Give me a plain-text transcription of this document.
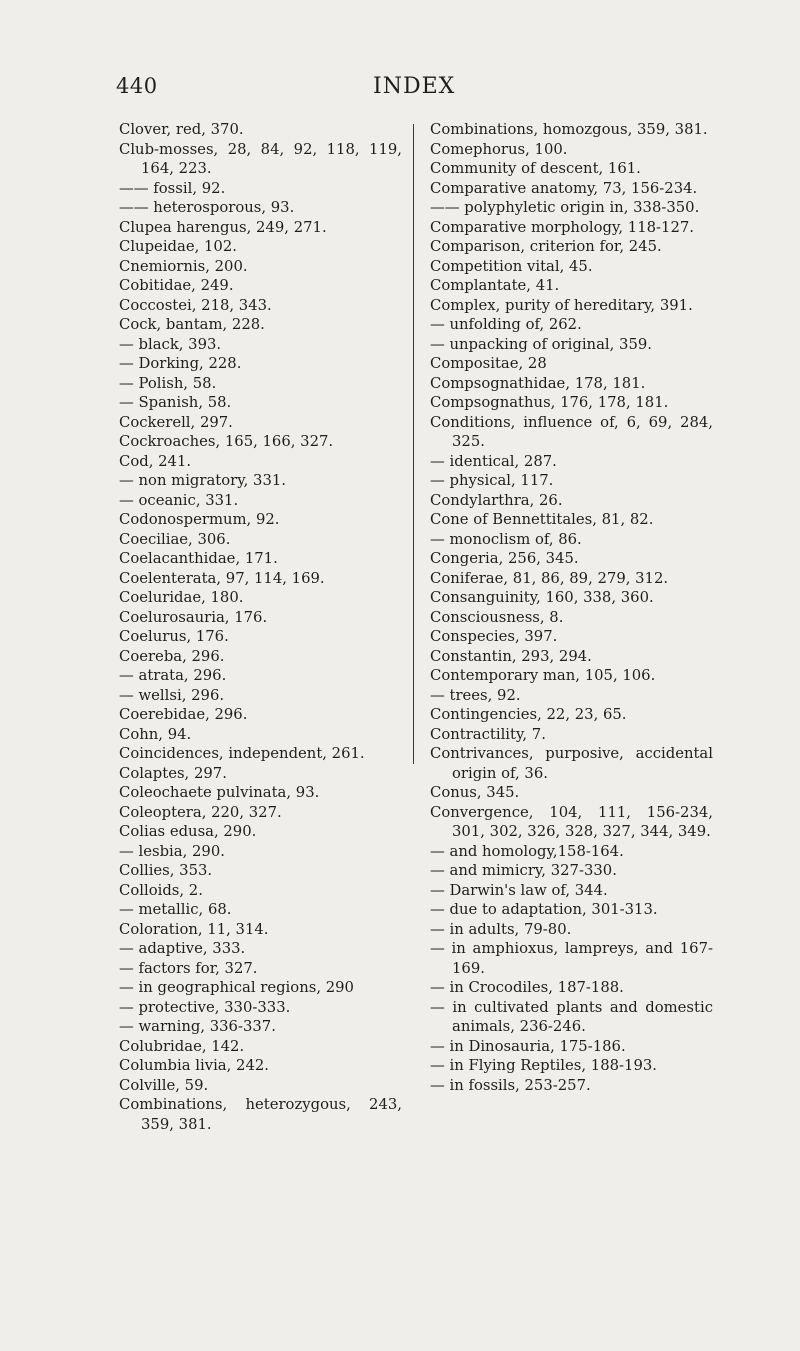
440	INDEX
Clover, red, 370.
Club-mosses, 28, 84, 92, 118, 119, 164, 223.
—— fossil, 92.
—— heterosporous, 93.
Clupea harengus, 249, 271.
Clupeidae, 102.
Cnemiornis, 200.
Cobitidae, 249.
Coccostei, 218, 343.
Cock, bantam, 228.
— black, 393.
— Dorking, 228.
— Polish, 58.
— Spanish, 58.
Cockerell, 297.
Cockroaches, 165, 166, 327.
Cod, 241.
— non migratory, 331.
— oceanic, 331.
Codonospermum, 92.
Coeciliae, 306.
Coelacanthidae, 171.
Coelenterata, 97, 114, 169.
Coeluridae, 180.
Coelurosauria, 176.
Coelurus, 176.
Coereba, 296.
— atrata, 296.
— wellsi, 296.
Coerebidae, 296.
Cohn, 94.
Coincidences, independent, 261.
Colaptes, 297.
Coleochaete pulvinata, 93.
Coleoptera, 220, 327.
Colias edusa, 290.
— lesbia, 290.
Collies, 353.
Colloids, 2.
— metallic, 68.
Coloration, 11, 314.
— adaptive, 333.
— factors for, 327.
— in geographical regions, 290
— protective, 330-333.
— warning, 336-337.
Colubridae, 142.
Columbia livia, 242.
Colville, 59.
Combinations, heterozygous, 243, 359, 381.
Combinations, homozgous, 359, 381.
Comephorus, 100.
Community of descent, 161.
Comparative anatomy, 73, 156-234.
—— polyphyletic origin in, 338-350.
Comparative morphology, 118-127.
Comparison, criterion for, 245.
Competition vital, 45.
Complantate, 41.
Complex, purity of hereditary, 391.
— unfolding of, 262.
— unpacking of original, 359.
Compositae, 28
Compsognathidae, 178, 181.
Compsognathus, 176, 178, 181.
Conditions, influence of, 6, 69, 284, 325.
— identical, 287.
— physical, 117.
Condylarthra, 26.
Cone of Bennettitales, 81, 82.
— monoclism of, 86.
Congeria, 256, 345.
Coniferae, 81, 86, 89, 279, 312.
Consanguinity, 160, 338, 360.
Consciousness, 8.
Conspecies, 397.
Constantin, 293, 294.
Contemporary man, 105, 106.
— trees, 92.
Contingencies, 22, 23, 65.
Contractility, 7.
Contrivances, purposive, accidental origin of, 36.
Conus, 345.
Convergence, 104, 111, 156-234, 301, 302, 326, 328, 327, 344, 349.
— and homology,158-164.
— and mimicry, 327-330.
— Darwin's law of, 344.
— due to adaptation, 301-313.
— in adults, 79-80.
— in amphioxus, lampreys, and 167-169.
— in Crocodiles, 187-188.
— in cultivated plants and domestic animals, 236-246.
— in Dinosauria, 175-186.
— in Flying Reptiles, 188-193.
— in fossils, 253-257.
